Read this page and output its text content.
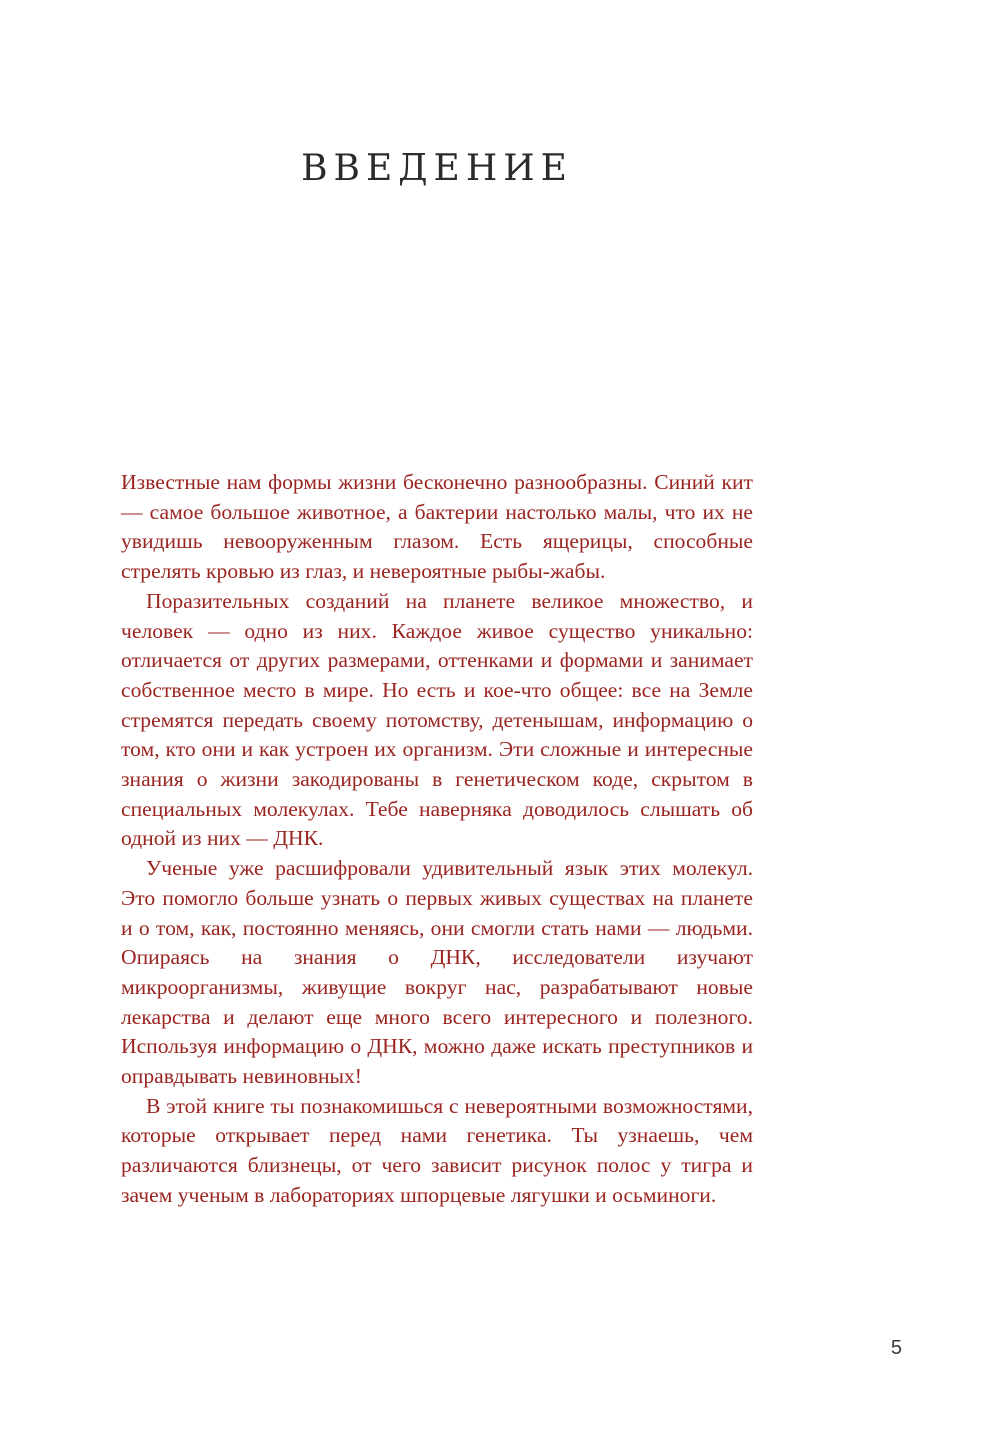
ВВЕДЕНИЕ

Известные нам формы жизни бесконечно разнообразны. Синий кит — самое большое животное, а бактерии настолько малы, что их не увидишь невооруженным глазом. Есть ящерицы, способные стрелять кровью из глаз, и невероятные рыбы-жабы.

Поразительных созданий на планете великое множество, и человек — одно из них. Каждое живое существо уникально: отличается от других размерами, оттенками и формами и занимает собственное место в мире. Но есть и кое-что общее: все на Земле стремятся передать своему потомству, детенышам, информацию о том, кто они и как устроен их организм. Эти сложные и интересные знания о жизни закодированы в генетическом коде, скрытом в специальных молекулах. Тебе наверняка доводилось слышать об одной из них — ДНК.

Ученые уже расшифровали удивительный язык этих молекул. Это помогло больше узнать о первых живых существах на планете и о том, как, постоянно меняясь, они смогли стать нами — людьми. Опираясь на знания о ДНК, исследователи изучают микроорганизмы, живущие вокруг нас, разрабатывают новые лекарства и делают еще много всего интересного и полезного. Используя информацию о ДНК, можно даже искать преступников и оправдывать невиновных!

В этой книге ты познакомишься с невероятными возможностями, которые открывает перед нами генетика. Ты узнаешь, чем различаются близнецы, от чего зависит рисунок полос у тигра и зачем ученым в лабораториях шпорцевые лягушки и осьминоги.

5
